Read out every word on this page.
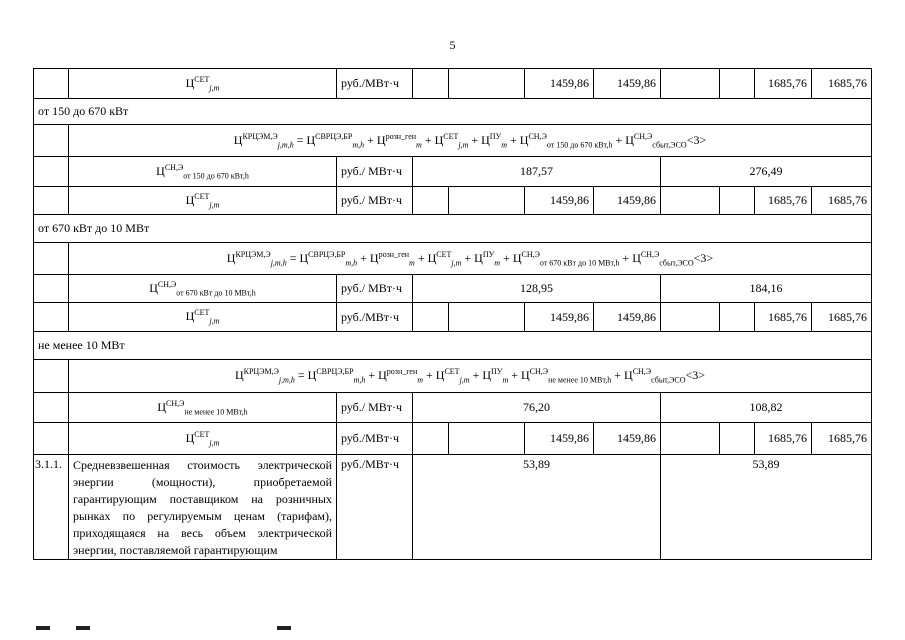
5
	$Ц^{СЕТ}_{j,m}$	руб./МВт·ч			1459,86	1459,86			1685,76	1685,76
от 150 до 670 кВт										
	$Ц^{КРЦЭМ,Э}_{j,m,h} = Ц^{СВРЦЭ,БР}_{m,h} + Ц^{розн\_ген}_m + Ц^{СЕТ}_{j,m} + Ц^{ПУ}_m + Ц^{СН,Э}_{от 150 до 670 кВт,h} + Ц^{СН,Э}_{сбыт,ЭСО}<3>$									
	$Ц^{СН,Э}_{от 150 до 670 кВт,h}$	руб./ МВт·ч	187,57				276,49			
	$Ц^{СЕТ}_{j,m}$	руб./ МВт·ч			1459,86	1459,86			1685,76	1685,76
от 670 кВт до 10 МВт										
	$Ц^{КРЦЭМ,Э}_{j,m,h} = Ц^{СВРЦЭ,БР}_{m,h} + Ц^{розн\_ген}_m + Ц^{СЕТ}_{j,m} + Ц^{ПУ}_m + Ц^{СН,Э}_{от 670 кВт до 10 МВт,h} + Ц^{СН,Э}_{сбыт,ЭСО}<3>$									
	$Ц^{СН,Э}_{от 670 кВт до 10 МВт,h}$	руб./ МВт·ч	128,95				184,16			
	$Ц^{СЕТ}_{j,m}$	руб./МВт·ч			1459,86	1459,86			1685,76	1685,76
не менее 10 МВт										
	$Ц^{КРЦЭМ,Э}_{j,m,h} = Ц^{СВРЦЭ,БР}_{m,h} + Ц^{розн\_ген}_m + Ц^{СЕТ}_{j,m} + Ц^{ПУ}_m + Ц^{СН,Э}_{не менее 10 МВт,h} + Ц^{СН,Э}_{сбыт,ЭСО}<3>$									
	$Ц^{СН,Э}_{не менее 10 МВт,h}$	руб./ МВт·ч	76,20				108,82			
	$Ц^{СЕТ}_{j,m}$	руб./МВт·ч			1459,86	1459,86			1685,76	1685,76
3.1.1.	Средневзвешенная стоимость электрической энергии (мощности), приобретаемой гарантирующим поставщиком на розничных рынках по регулируемым ценам (тарифам), приходящаяся на весь объем электрической энергии, поставляемой гарантирующим	руб./МВт·ч	53,89				53,89			
